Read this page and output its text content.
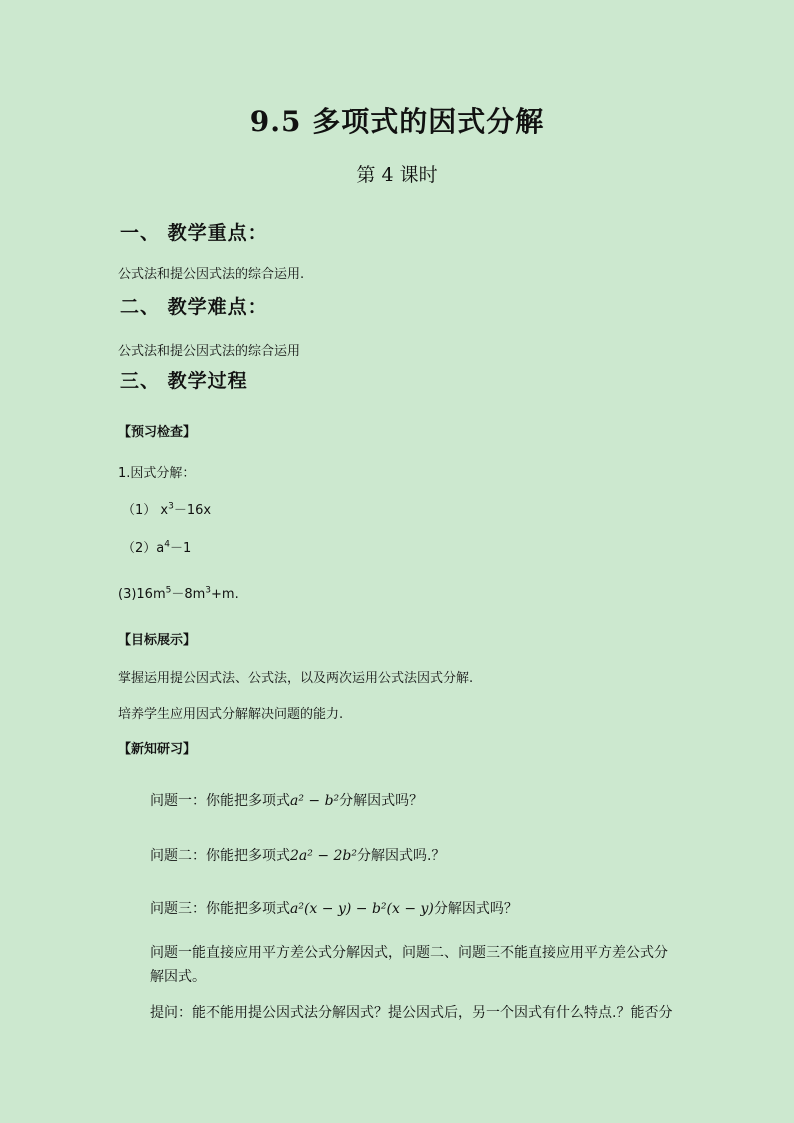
9.5 多项式的因式分解
第 4 课时
一、 教学重点：
公式法和提公因式法的综合运用.
二、 教学难点：
公式法和提公因式法的综合运用
三、 教学过程
【预习检查】
1.因式分解：
（1） $x^3-16x$
$(2)a^4-1$
$(3)16m^5-8m^3+m$.
【目标展示】
掌握运用提公因式法、公式法，以及两次运用公式法因式分解.
培养学生应用因式分解解决问题的能力.
【新知研习】
问题一：你能把多项式a² − b²分解因式吗？
问题二：你能把多项式2a² − 2b²分解因式吗.？
问题三：你能把多项式a²(x − y) − b²(x − y)分解因式吗？
问题一能直接应用平方差公式分解因式，问题二、问题三不能直接应用平方差公式分解因式。
提问：能不能用提公因式法分解因式？提公因式后，另一个因式有什么特点.？能否分
